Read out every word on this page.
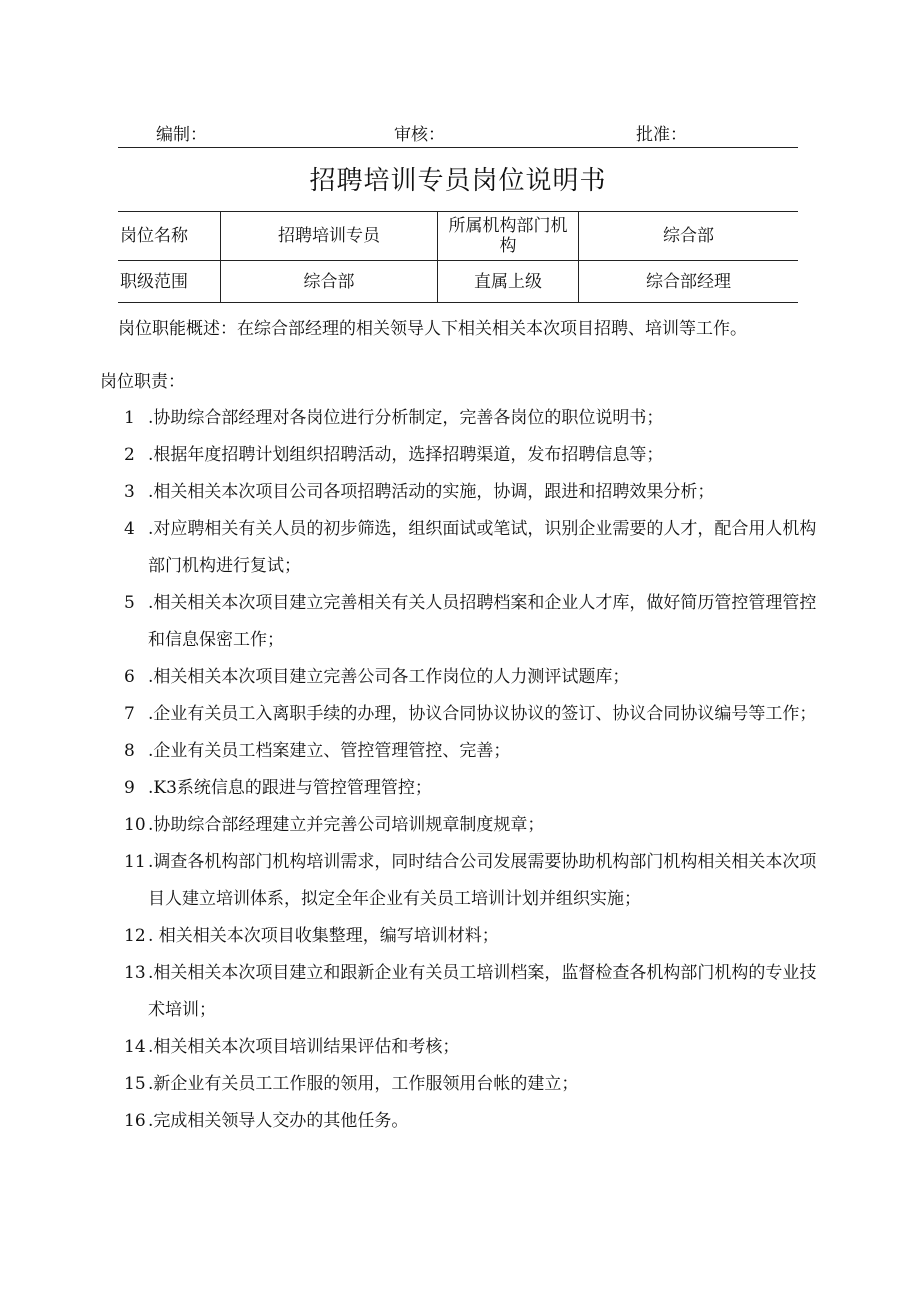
编制：	审核：	批准：
招聘培训专员岗位说明书
岗位名称	招聘培训专员	所属机构部门机构	综合部
职级范围	综合部	直属上级	综合部经理
岗位职能概述：在综合部经理的相关领导人下相关相关本次项目招聘、培训等工作。
岗位职责：
1 .协助综合部经理对各岗位进行分析制定，完善各岗位的职位说明书；
2 .根据年度招聘计划组织招聘活动，选择招聘渠道，发布招聘信息等；
3 .相关相关本次项目公司各项招聘活动的实施，协调，跟进和招聘效果分析；
4 .对应聘相关有关人员的初步筛选，组织面试或笔试，识别企业需要的人才，配合用人机构部门机构进行复试；
5 .相关相关本次项目建立完善相关有关人员招聘档案和企业人才库，做好简历管控管理管控和信息保密工作；
6 .相关相关本次项目建立完善公司各工作岗位的人力测评试题库；
7 .企业有关员工入离职手续的办理，协议合同协议协议的签订、协议合同协议编号等工作；
8 .企业有关员工档案建立、管控管理管控、完善；
9 .K3系统信息的跟进与管控管理管控；
10 .协助综合部经理建立并完善公司培训规章制度规章；
11 .调查各机构部门机构培训需求，同时结合公司发展需要协助机构部门机构相关相关本次项目人建立培训体系，拟定全年企业有关员工培训计划并组织实施；
12 . 相关相关本次项目收集整理，编写培训材料；
13 .相关相关本次项目建立和跟新企业有关员工培训档案，监督检查各机构部门机构的专业技术培训；
14 .相关相关本次项目培训结果评估和考核；
15 .新企业有关员工工作服的领用，工作服领用台帐的建立；
16 .完成相关领导人交办的其他任务。
